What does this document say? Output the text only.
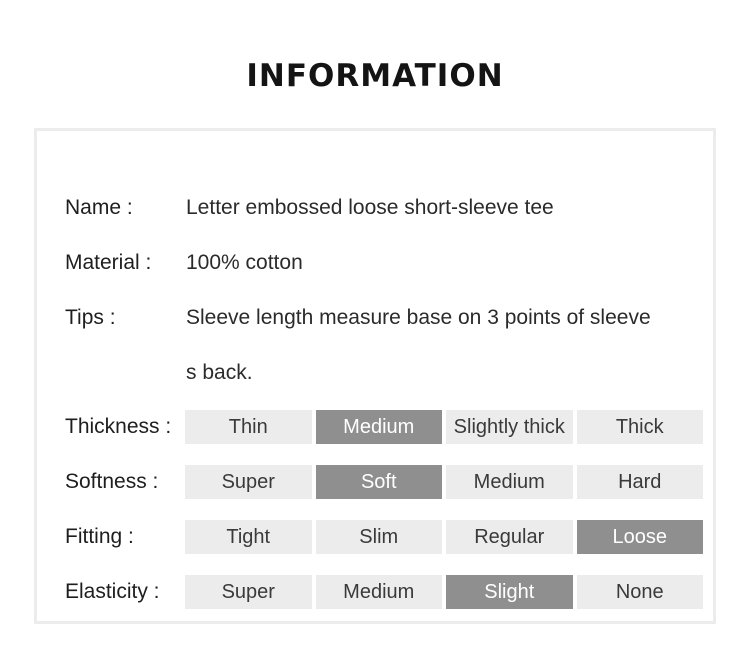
INFORMATION
Name :	Letter embossed loose short-sleeve tee
Material : 100% cotton
Tips :	Sleeve length measure base on 3 points of sleeve
s back.
Thickness :	Thin	Medium	Slightly thick	Thick
Softness :	Super	Soft	Medium	Hard
Fitting :	Tight	Slim	Regular	Loose
Elasticity :	Super	Medium	Slight	None
